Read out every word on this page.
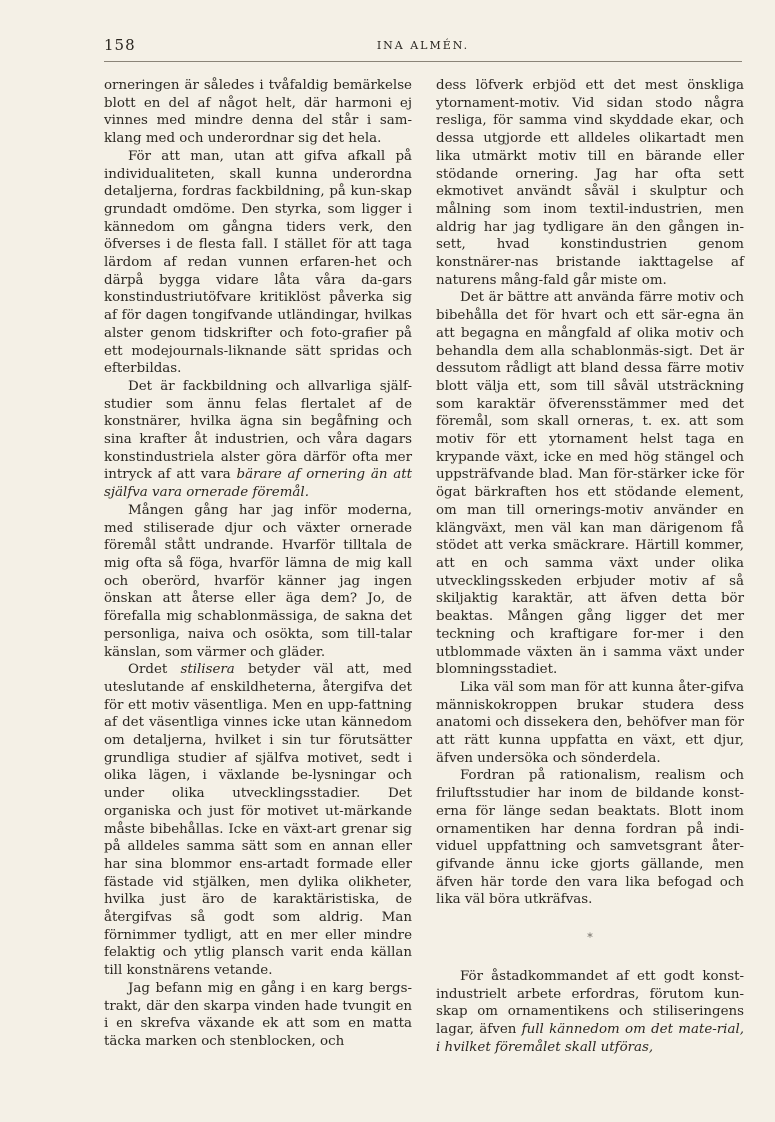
158	INA ALMÉN.

orneringen är således i tvåfaldig bemärkelse blott en del af något helt, där harmoni ej vinnes med mindre denna del står i sam-klang med och underordnar sig det hela.

För att man, utan att gifva afkall på individualiteten, skall kunna underordna detaljerna, fordras fackbildning, på kun-skap grundadt omdöme. Den styrka, som ligger i kännedom om gångna tiders verk, den öfverses i de flesta fall. I stället för att taga lärdom af redan vunnen erfaren-het och därpå bygga vidare låta våra da-gars konstindustriutöfvare kritiklöst påverka sig af för dagen tongifvande utländingar, hvilkas alster genom tidskrifter och foto-grafier på ett modejournals-liknande sätt spridas och efterbildas.

Det är fackbildning och allvarliga själf-studier som ännu felas flertalet af de konstnärer, hvilka ägna sin begåfning och sina krafter åt industrien, och våra dagars konstindustriela alster göra därför ofta mer intryck af att vara bärare af ornering än att själfva vara ornerade föremål.

Mången gång har jag inför moderna, med stiliserade djur och växter ornerade föremål stått undrande. Hvarför tilltala de mig ofta så föga, hvarför lämna de mig kall och oberörd, hvarför känner jag ingen önskan att återse eller äga dem? Jo, de förefalla mig schablonmässiga, de sakna det personliga, naiva och osökta, som till-talar känslan, som värmer och gläder.

Ordet stilisera betyder väl att, med uteslutande af enskildheterna, återgifva det för ett motiv väsentliga. Men en upp-fattning af det väsentliga vinnes icke utan kännedom om detaljerna, hvilket i sin tur förutsätter grundliga studier af själfva motivet, sedt i olika lägen, i växlande be-lysningar och under olika utvecklingsstadier. Det organiska och just för motivet ut-märkande måste bibehållas. Icke en växt-art grenar sig på alldeles samma sätt som en annan eller har sina blommor ens-artadt formade eller fästade vid stjälken, men dylika olikheter, hvilka just äro de karaktäristiska, de återgifvas så godt som aldrig. Man förnimmer tydligt, att en mer eller mindre felaktig och ytlig plansch varit enda källan till konstnärens vetande.

Jag befann mig en gång i en karg bergs-trakt, där den skarpa vinden hade tvungit en i en skrefva växande ek att som en matta täcka marken och stenblocken, och

dess löfverk erbjöd ett det mest önskliga ytornament-motiv. Vid sidan stodo några resliga, för samma vind skyddade ekar, och dessa utgjorde ett alldeles olikartadt men lika utmärkt motiv till en bärande eller stödande ornering. Jag har ofta sett ekmotivet användt såväl i skulptur och målning som inom textil-industrien, men aldrig har jag tydligare än den gången in-sett, hvad konstindustrien genom konstnärer-nas bristande iakttagelse af naturens mång-fald går miste om.

Det är bättre att använda färre motiv och bibehålla det för hvart och ett sär-egna än att begagna en mångfald af olika motiv och behandla dem alla schablonmäs-sigt. Det är dessutom rådligt att bland dessa färre motiv blott välja ett, som till såväl utsträckning som karaktär öfverensstämmer med det föremål, som skall orneras, t. ex. att som motiv för ett ytornament helst taga en krypande växt, icke en med hög stängel och uppsträfvande blad. Man för-stärker icke för ögat bärkraften hos ett stödande element, om man till ornerings-motiv använder en klängväxt, men väl kan man därigenom få stödet att verka smäckrare. Härtill kommer, att en och samma växt under olika utvecklingsskeden erbjuder motiv af så skiljaktig karaktär, att äfven detta bör beaktas. Mången gång ligger det mer teckning och kraftigare for-mer i den utblommade växten än i samma växt under blomningsstadiet.

Lika väl som man för att kunna åter-gifva människokroppen brukar studera dess anatomi och dissekera den, behöfver man för att rätt kunna uppfatta en växt, ett djur, äfven undersöka och sönderdela.

Fordran på rationalism, realism och friluftsstudier har inom de bildande konst-erna för länge sedan beaktats. Blott inom ornamentiken har denna fordran på indi-viduel uppfattning och samvetsgrant åter-gifvande ännu icke gjorts gällande, men äfven här torde den vara lika befogad och lika väl böra utkräfvas.

*

För åstadkommandet af ett godt konst-industrielt arbete erfordras, förutom kun-skap om ornamentikens och stiliseringens lagar, äfven full kännedom om det mate-rial, i hvilket föremålet skall utföras,
